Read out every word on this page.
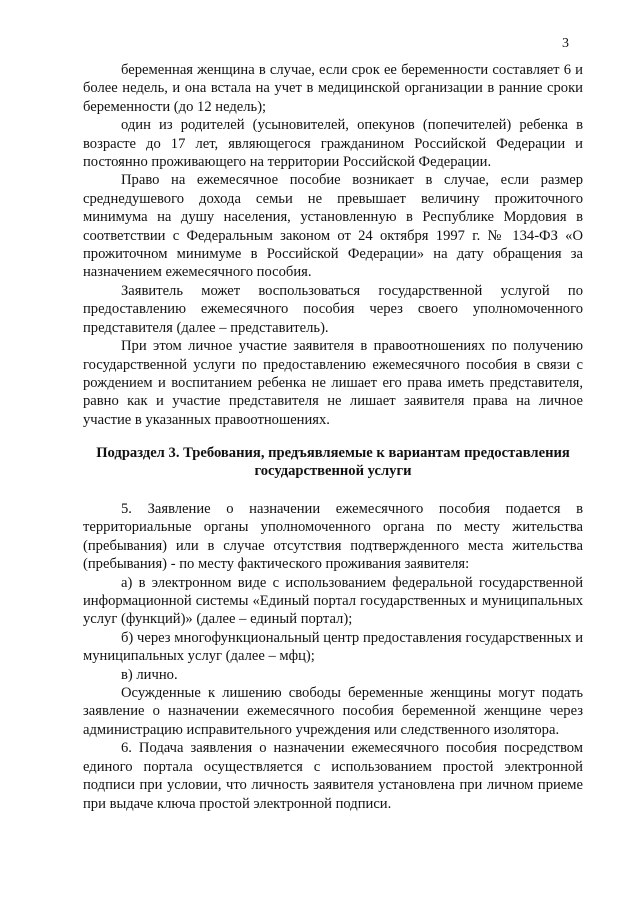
3

беременная женщина в случае, если срок ее беременности составляет 6 и более недель, и она встала на учет в медицинской организации в ранние сроки беременности (до 12 недель);

один из родителей (усыновителей, опекунов (попечителей) ребенка в возрасте до 17 лет, являющегося гражданином Российской Федерации и постоянно проживающего на территории Российской Федерации.

Право на ежемесячное пособие возникает в случае, если размер среднедушевого дохода семьи не превышает величину прожиточного минимума на душу населения, установленную в Республике Мордовия в соответствии с Федеральным законом от 24 октября 1997 г. № 134-ФЗ «О прожиточном минимуме в Российской Федерации» на дату обращения за назначением ежемесячного пособия.

Заявитель может воспользоваться государственной услугой по предоставлению ежемесячного пособия через своего уполномоченного представителя (далее – представитель).

При этом личное участие заявителя в правоотношениях по получению государственной услуги по предоставлению ежемесячного пособия в связи с рождением и воспитанием ребенка не лишает его права иметь представителя, равно как и участие представителя не лишает заявителя права на личное участие в указанных правоотношениях.

Подраздел 3. Требования, предъявляемые к вариантам предоставления государственной услуги

5. Заявление о назначении ежемесячного пособия подается в территориальные органы уполномоченного органа по месту жительства (пребывания) или в случае отсутствия подтвержденного места жительства (пребывания) - по месту фактического проживания заявителя:

а) в электронном виде с использованием федеральной государственной информационной системы «Единый портал государственных и муниципальных услуг (функций)» (далее – единый портал);

б) через многофункциональный центр предоставления государственных и муниципальных услуг (далее – мфц);

в) лично.

Осужденные к лишению свободы беременные женщины могут подать заявление о назначении ежемесячного пособия беременной женщине через администрацию исправительного учреждения или следственного изолятора.

6. Подача заявления о назначении ежемесячного пособия посредством единого портала осуществляется с использованием простой электронной подписи при условии, что личность заявителя установлена при личном приеме при выдаче ключа простой электронной подписи.
